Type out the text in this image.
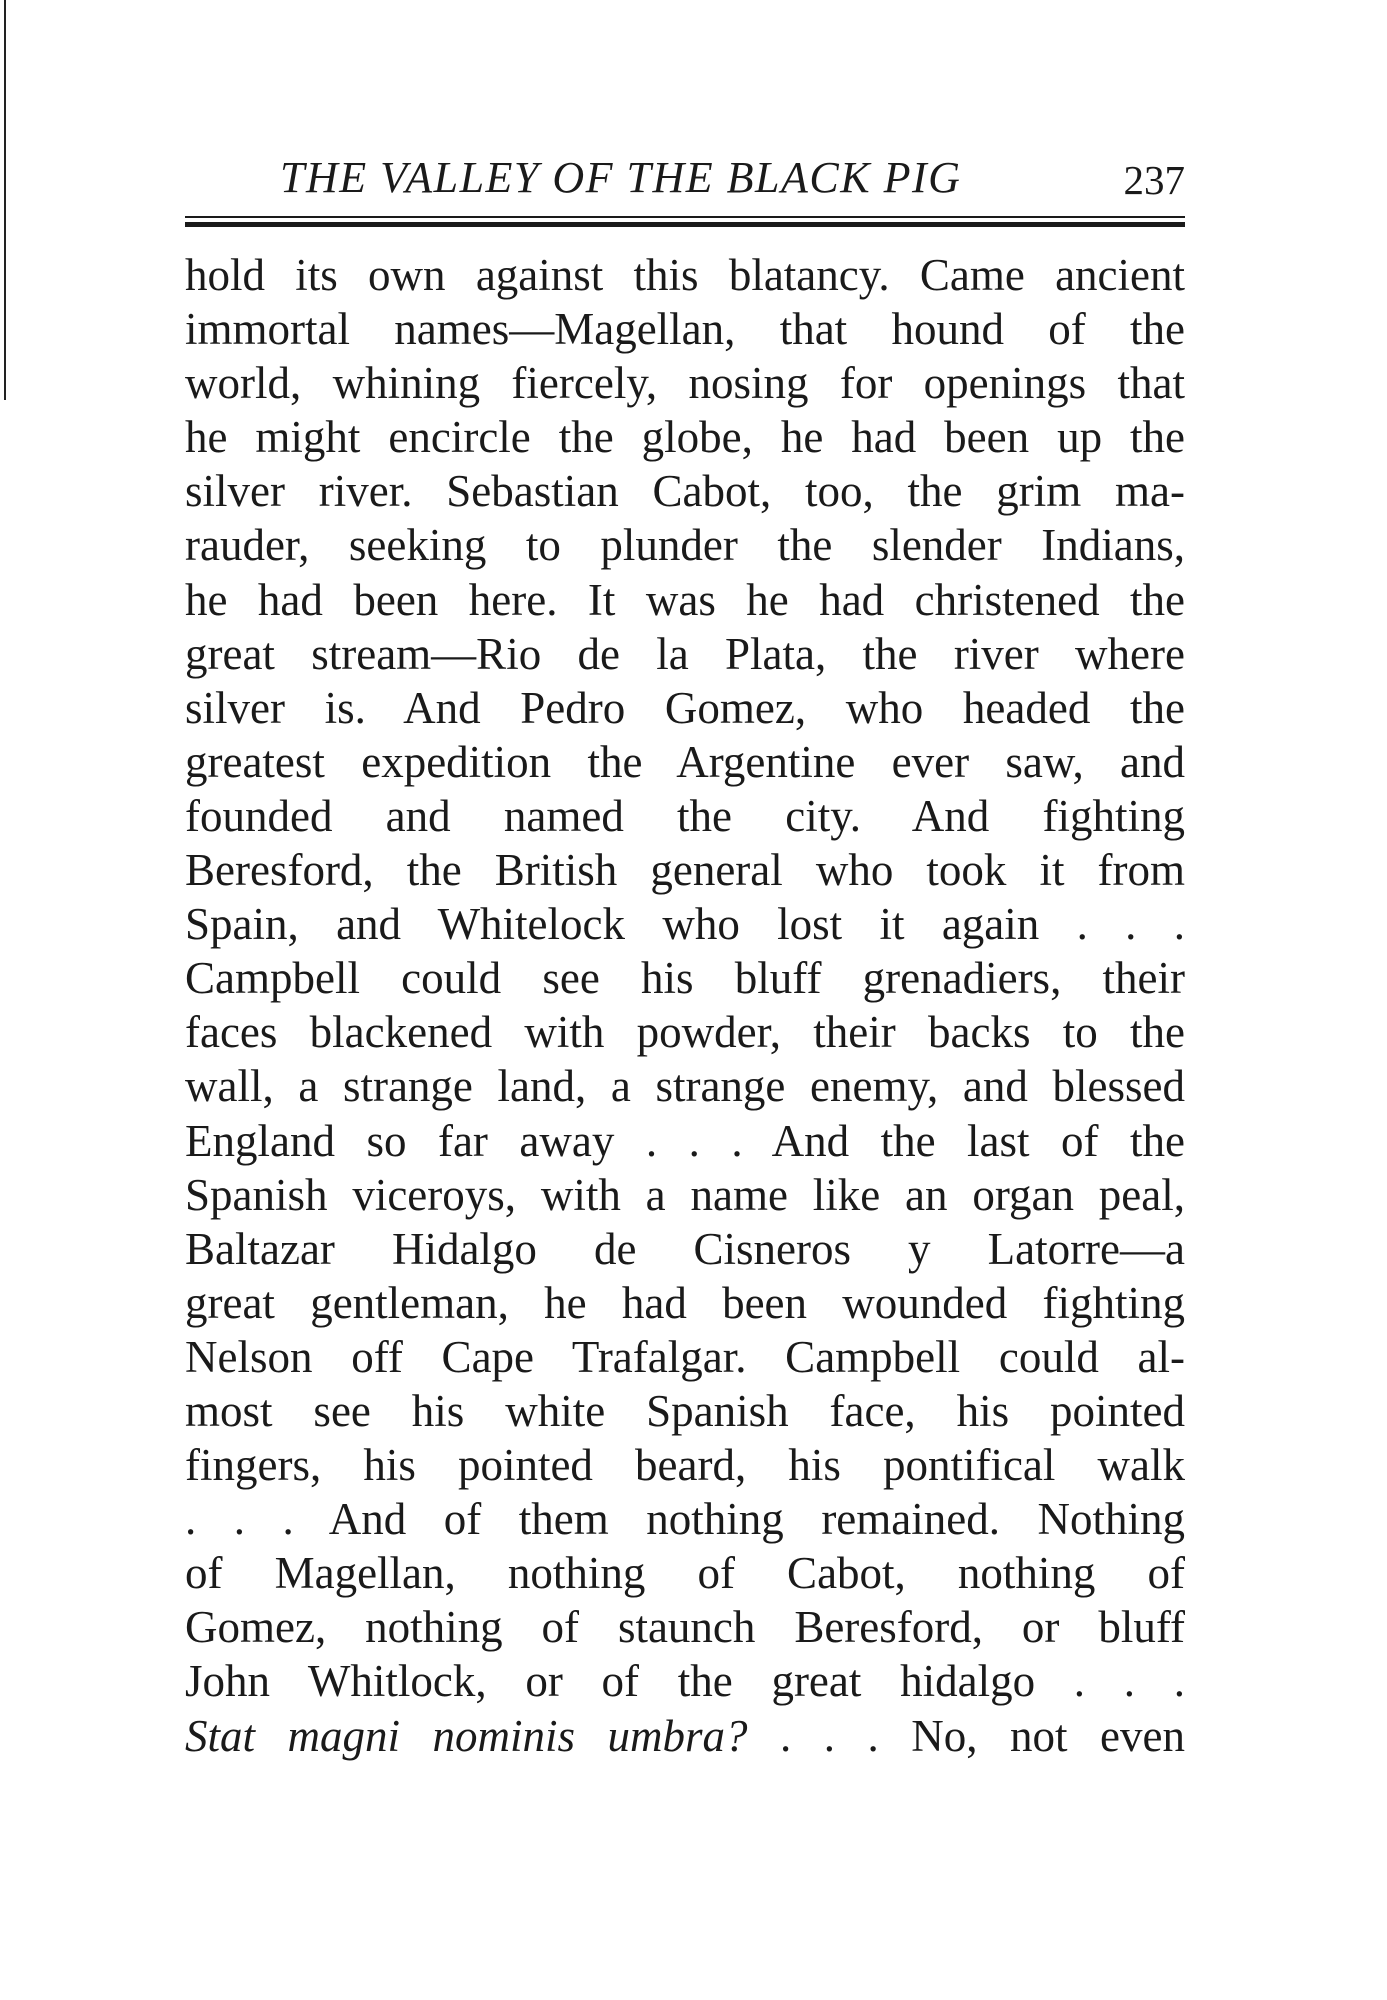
THE VALLEY OF THE BLACK PIG	237
hold its own against this blatancy. Came ancient
immortal names—Magellan, that hound of the
world, whining fiercely, nosing for openings that
he might encircle the globe, he had been up the
silver river. Sebastian Cabot, too, the grim ma-
rauder, seeking to plunder the slender Indians,
he had been here. It was he had christened the
great stream—Rio de la Plata, the river where
silver is. And Pedro Gomez, who headed the
greatest expedition the Argentine ever saw, and
founded and named the city. And fighting
Beresford, the British general who took it from
Spain, and Whitelock who lost it again . . .
Campbell could see his bluff grenadiers, their
faces blackened with powder, their backs to the
wall, a strange land, a strange enemy, and blessed
England so far away . . . And the last of the
Spanish viceroys, with a name like an organ peal,
Baltazar Hidalgo de Cisneros y Latorre—a
great gentleman, he had been wounded fighting
Nelson off Cape Trafalgar. Campbell could al-
most see his white Spanish face, his pointed
fingers, his pointed beard, his pontifical walk
. . . And of them nothing remained. Nothing
of Magellan, nothing of Cabot, nothing of
Gomez, nothing of staunch Beresford, or bluff
John Whitlock, or of the great hidalgo . . .
Stat magni nominis umbra? . . . No, not even
